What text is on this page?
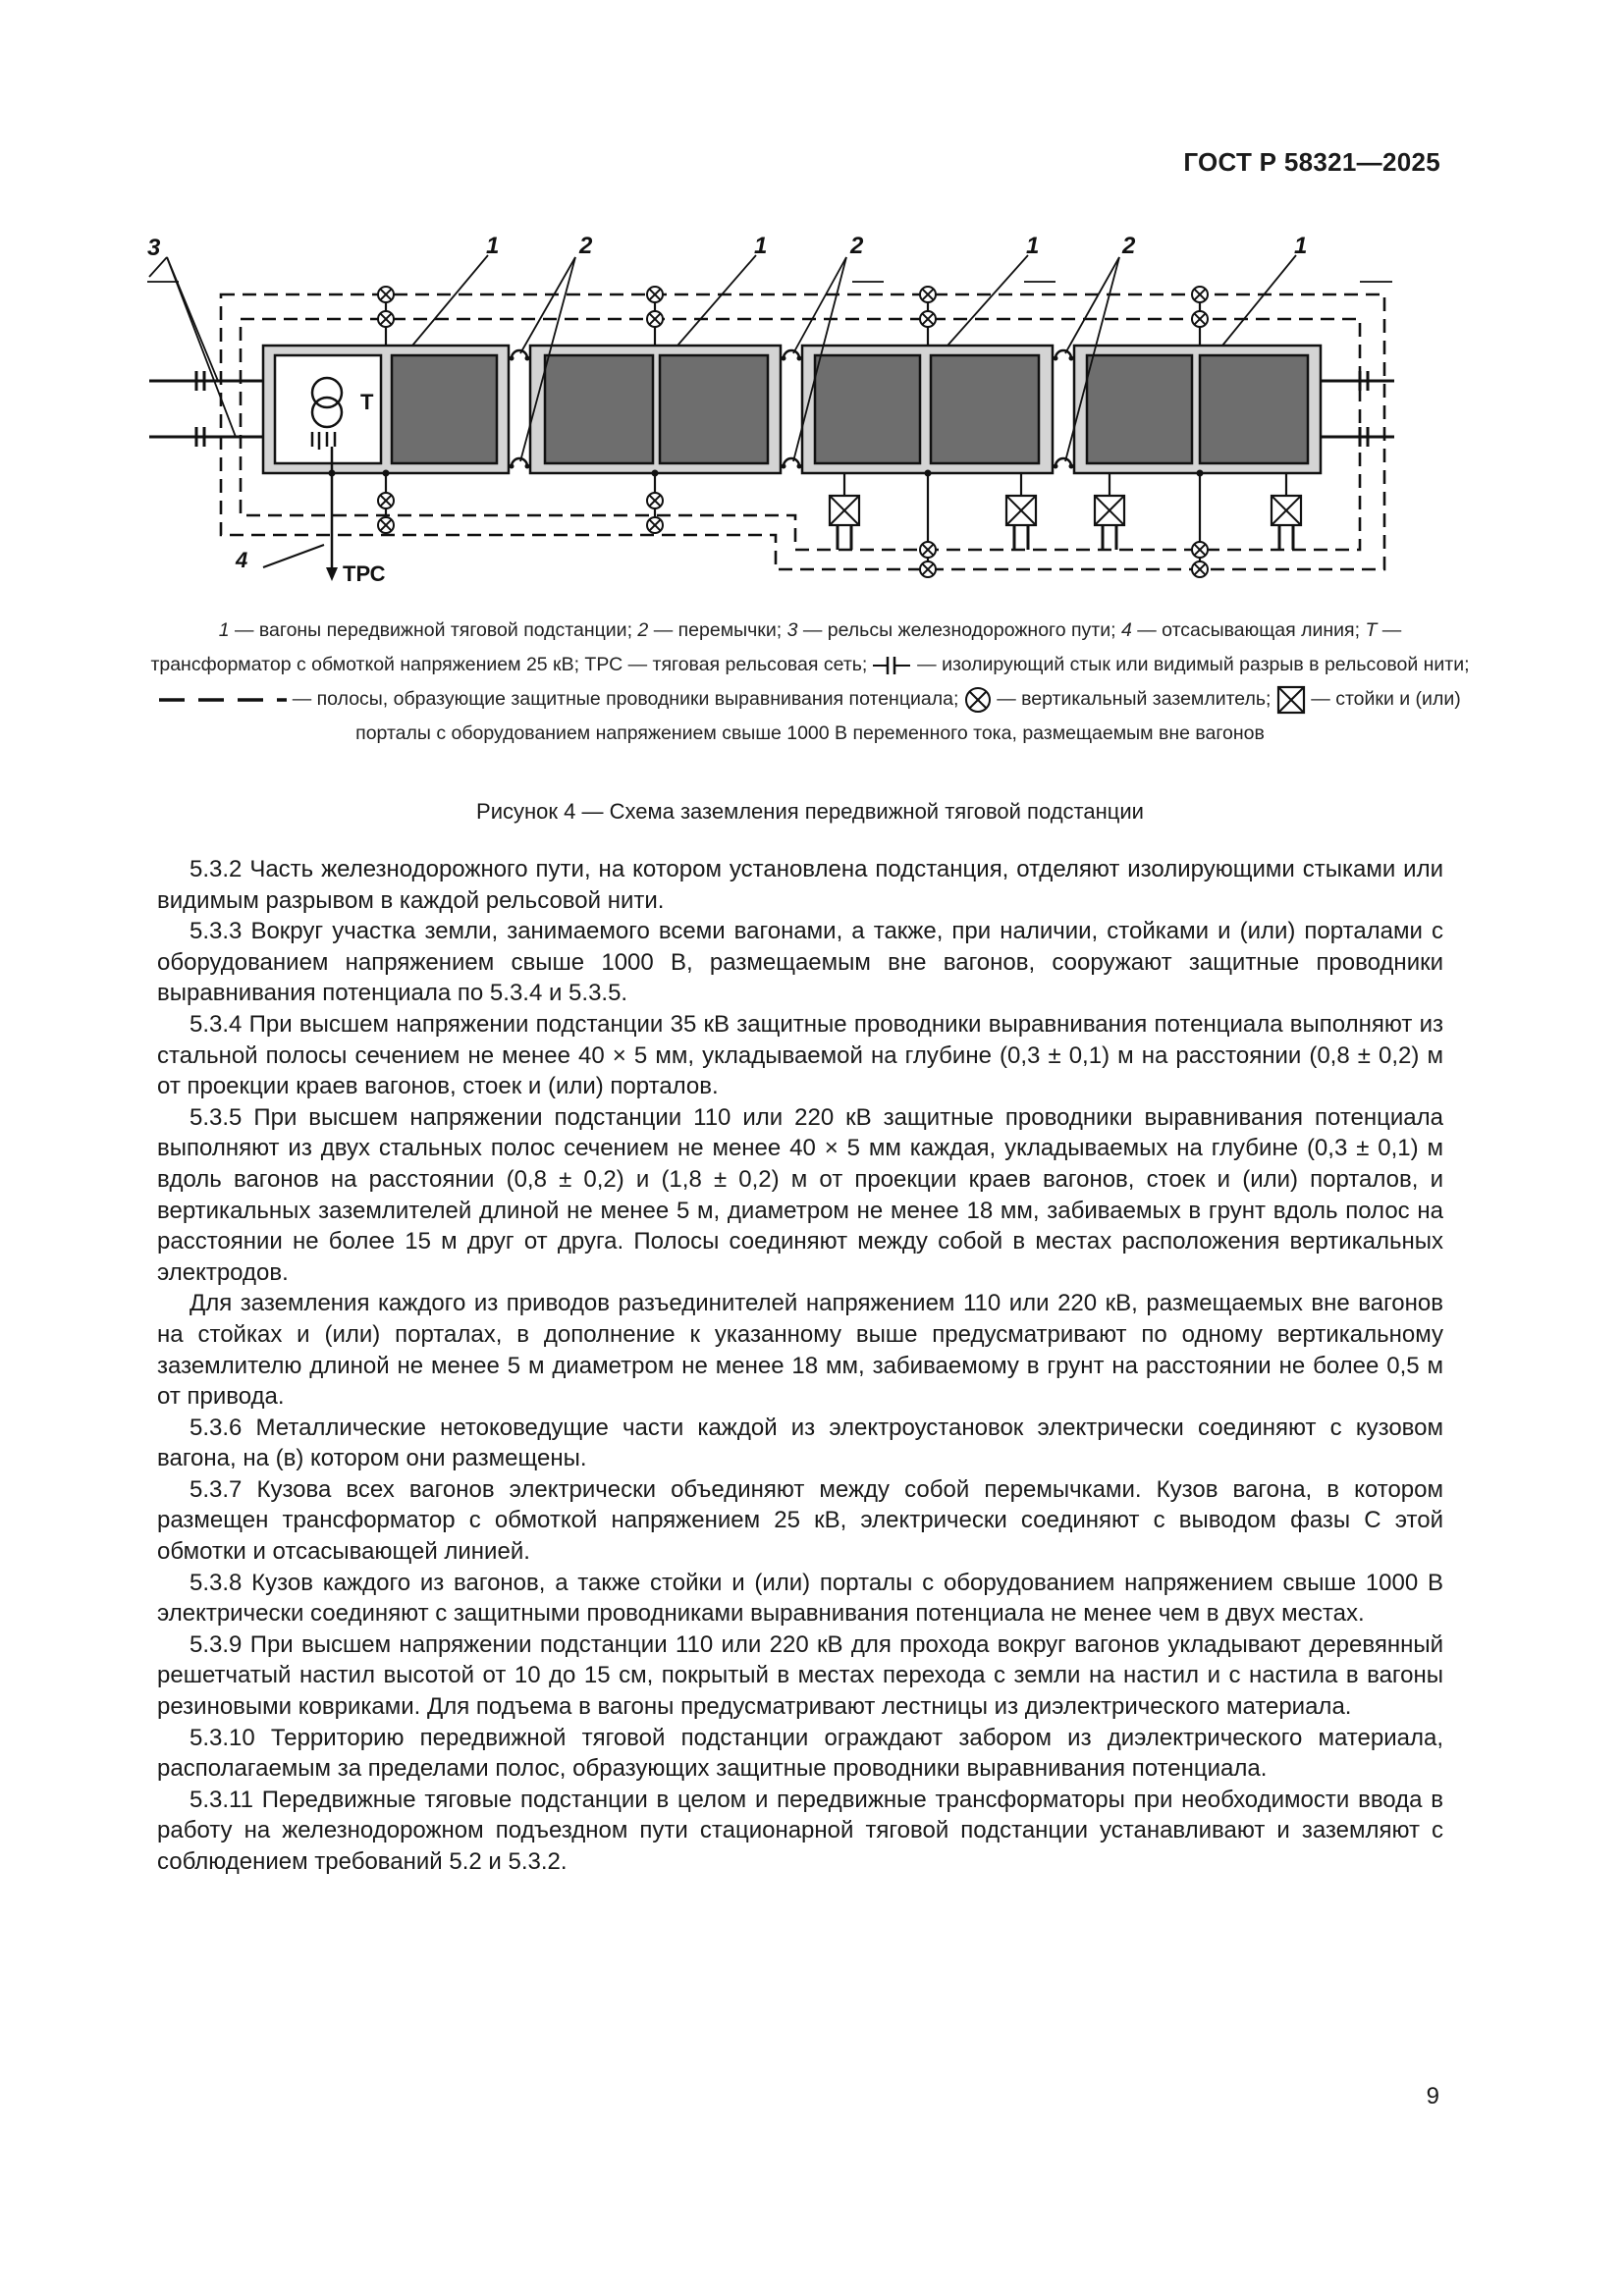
ГОСТ Р 58321—2025
Т
4
ТРС
3	1	2	1	2	1	2	1
1 — вагоны передвижной тяговой подстанции; 2 — перемычки; 3 — рельсы железнодорожного пути; 4 — отсасывающая линия; Т — трансформатор с обмоткой напряжением 25 кВ; ТРС — тяговая рельсовая сеть;  — изолирующий стык или видимый разрыв в рельсовой нити;  — полосы, образующие защитные проводники выравнивания потенциала;  — вертикальный заземлитель;  — стойки и (или) порталы с оборудованием напряжением свыше 1000 В переменного тока, размещаемым вне вагонов
Рисунок 4 — Схема заземления передвижной тяговой подстанции

5.3.2 Часть железнодорожного пути, на котором установлена подстанция, отделяют изолирующими стыками или видимым разрывом в каждой рельсовой нити.

5.3.3 Вокруг участка земли, занимаемого всеми вагонами, а также, при наличии, стойками и (или) порталами с оборудованием напряжением свыше 1000 В, размещаемым вне вагонов, сооружают защитные проводники выравнивания потенциала по 5.3.4 и 5.3.5.

5.3.4 При высшем напряжении подстанции 35 кВ защитные проводники выравнивания потенциала выполняют из стальной полосы сечением не менее 40 × 5 мм, укладываемой на глубине (0,3 ± 0,1) м на расстоянии (0,8 ± 0,2) м от проекции краев вагонов, стоек и (или) порталов.

5.3.5 При высшем напряжении подстанции 110 или 220 кВ защитные проводники выравнивания потенциала выполняют из двух стальных полос сечением не менее 40 × 5 мм каждая, укладываемых на глубине (0,3 ± 0,1) м вдоль вагонов на расстоянии (0,8 ± 0,2) и (1,8 ± 0,2) м от проекции краев вагонов, стоек и (или) порталов, и вертикальных заземлителей длиной не менее 5 м, диаметром не менее 18 мм, забиваемых в грунт вдоль полос на расстоянии не более 15 м друг от друга. Полосы соединяют между собой в местах расположения вертикальных электродов.

Для заземления каждого из приводов разъединителей напряжением 110 или 220 кВ, размещаемых вне вагонов на стойках и (или) порталах, в дополнение к указанному выше предусматривают по одному вертикальному заземлителю длиной не менее 5 м диаметром не менее 18 мм, забиваемому в грунт на расстоянии не более 0,5 м от привода.

5.3.6 Металлические нетоковедущие части каждой из электроустановок электрически соединяют с кузовом вагона, на (в) котором они размещены.

5.3.7 Кузова всех вагонов электрически объединяют между собой перемычками. Кузов вагона, в котором размещен трансформатор с обмоткой напряжением 25 кВ, электрически соединяют с выводом фазы С этой обмотки и отсасывающей линией.

5.3.8 Кузов каждого из вагонов, а также стойки и (или) порталы с оборудованием напряжением свыше 1000 В электрически соединяют с защитными проводниками выравнивания потенциала не менее чем в двух местах.

5.3.9 При высшем напряжении подстанции 110 или 220 кВ для прохода вокруг вагонов укладывают деревянный решетчатый настил высотой от 10 до 15 см, покрытый в местах перехода с земли на настил и с настила в вагоны резиновыми ковриками. Для подъема в вагоны предусматривают лестницы из диэлектрического материала.

5.3.10 Территорию передвижной тяговой подстанции ограждают забором из диэлектрического материала, располагаемым за пределами полос, образующих защитные проводники выравнивания потенциала.

5.3.11 Передвижные тяговые подстанции в целом и передвижные трансформаторы при необходимости ввода в работу на железнодорожном подъездном пути стационарной тяговой подстанции устанавливают и заземляют с соблюдением требований 5.2 и 5.3.2.

9
